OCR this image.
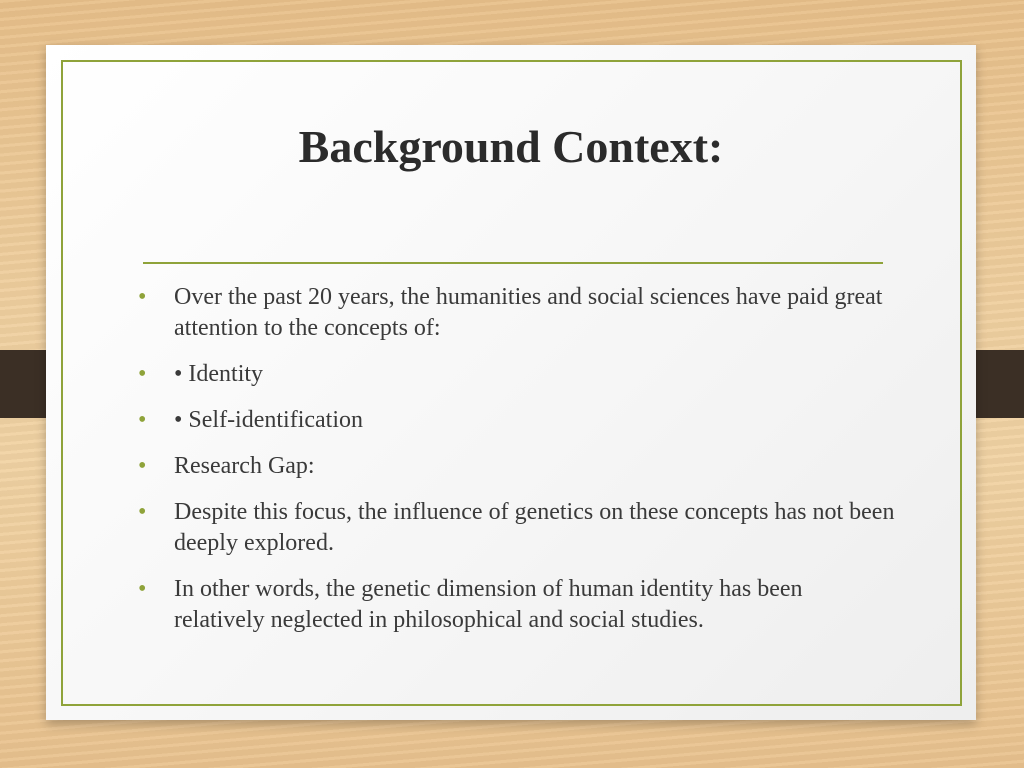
Background Context:
• Over the past 20 years, the humanities and social sciences have paid great attention to the concepts of:
• • Identity
• • Self-identification
• Research Gap:
• Despite this focus, the influence of genetics on these concepts has not been deeply explored.
• In other words, the genetic dimension of human identity has been relatively neglected in philosophical and social studies.
